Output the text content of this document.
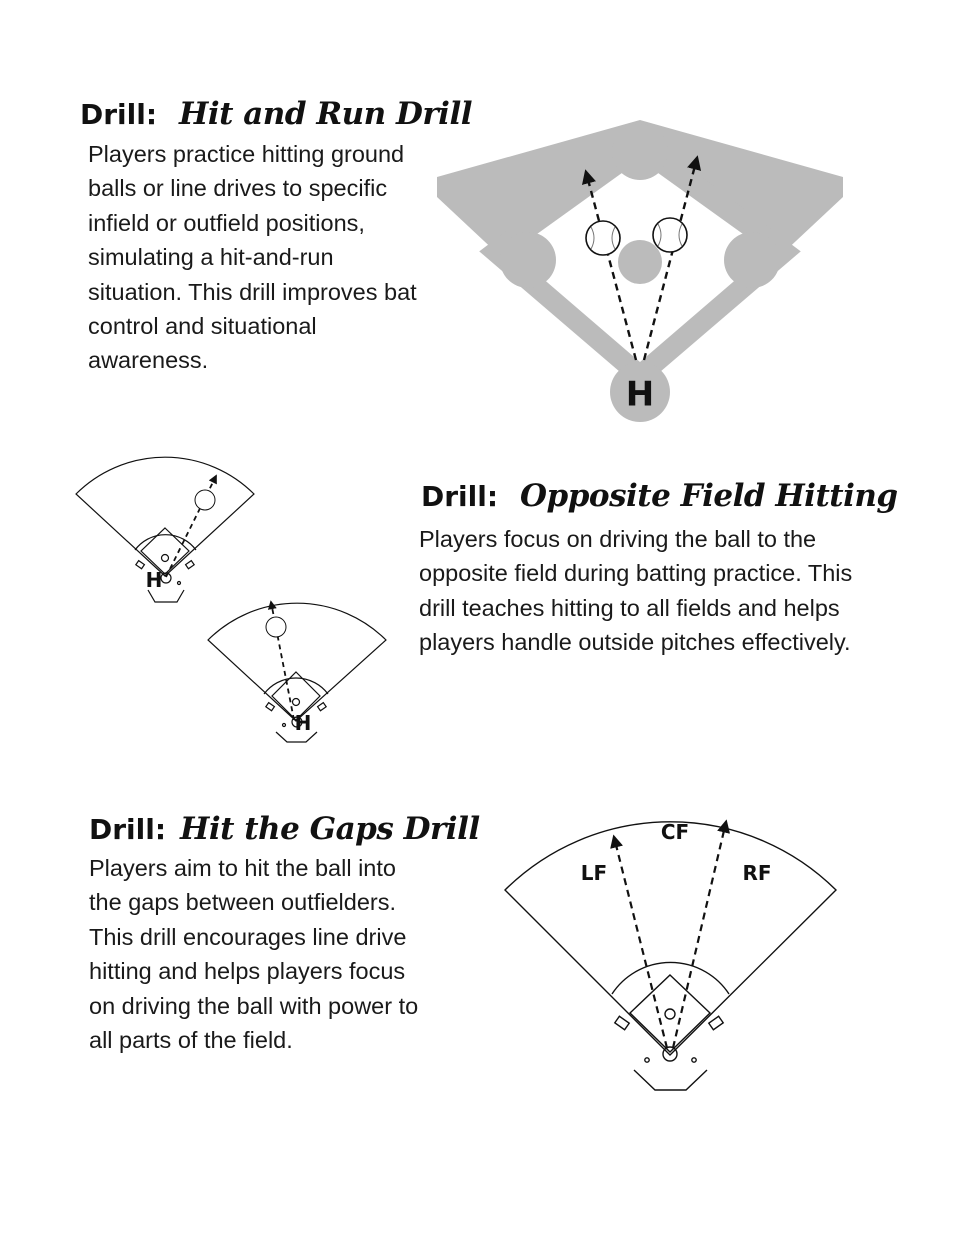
Drill: Hit and Run Drill

Players practice hitting ground balls or line drives to specific infield or outfield positions, simulating a hit-and-run situation. This drill improves bat control and situational awareness.

H
H
H
Drill: Opposite Field Hitting

Players focus on driving the ball to the opposite field during batting practice. This drill teaches hitting to all fields and helps players handle outside pitches effectively.

Drill: Hit the Gaps Drill

Players aim to hit the ball into the gaps between outfielders. This drill encourages line drive hitting and helps players focus on driving the ball with power to all parts of the field.

LF
CF
RF
